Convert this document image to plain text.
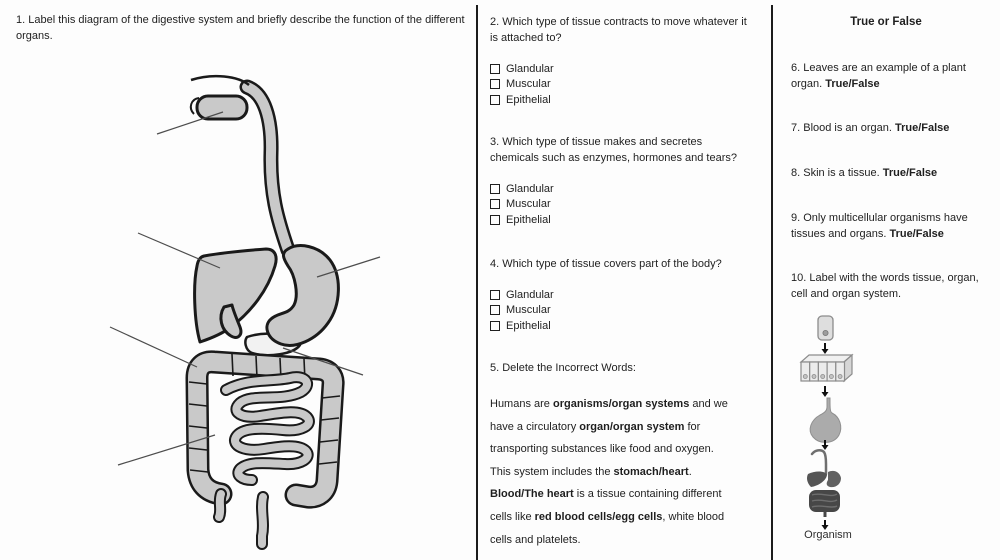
1. Label this diagram of the digestive system and briefly describe the function of the different organs.
2. Which type of tissue contracts to move whatever it is attached to?
Glandular
Muscular
Epithelial
3. Which type of tissue makes and secretes chemicals such as enzymes, hormones and tears?
Glandular
Muscular
Epithelial
4. Which type of tissue covers part of the body?
Glandular
Muscular
Epithelial
5. Delete the Incorrect Words:
Humans are organisms/organ systems and we have a circulatory organ/organ system for transporting substances like food and oxygen. This system includes the stomach/heart. Blood/The heart is a tissue containing different cells like red blood cells/egg cells, white blood cells and platelets.
True or False
6. Leaves are an example of a plant organ. True/False
7. Blood is an organ. True/False
8. Skin is a tissue. True/False
9. Only multicellular organisms have tissues and organs. True/False
10. Label with the words tissue, organ, cell and organ system.
Organism
